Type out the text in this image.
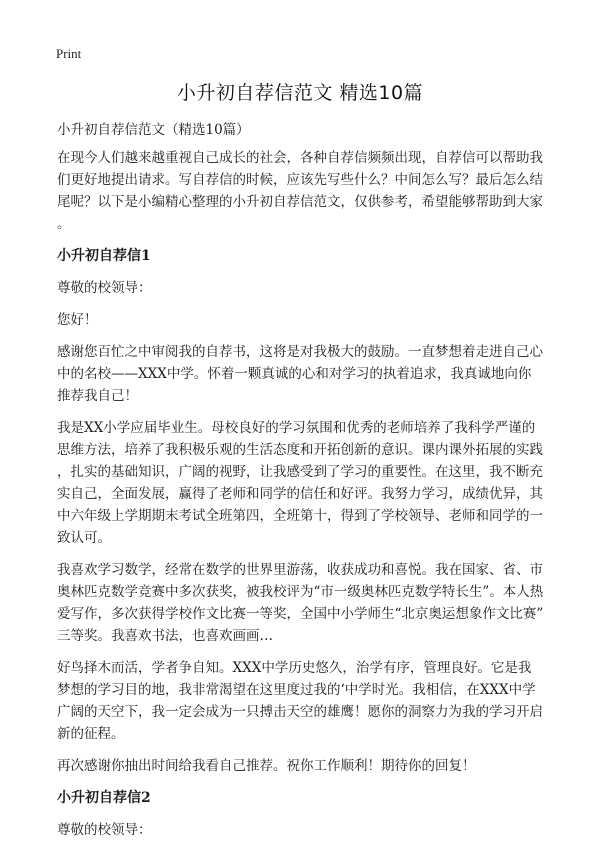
Print
小升初自荐信范文 精选10篇

小升初自荐信范文（精选10篇）

在现今人们越来越重视自己成长的社会，各种自荐信频频出现，自荐信可以帮助我
们更好地提出请求。写自荐信的时候，应该先写些什么？中间怎么写？最后怎么结
尾呢？以下是小编精心整理的小升初自荐信范文，仅供参考，希望能够帮助到大家
。

小升初自荐信1

尊敬的校领导：

您好！

感谢您百忙之中审阅我的自荐书，这将是对我极大的鼓励。一直梦想着走进自己心
中的名校——XXX中学。怀着一颗真诚的心和对学习的执着追求，我真诚地向你
推荐我自己！

我是XX小学应届毕业生。母校良好的学习氛围和优秀的老师培养了我科学严谨的
思维方法，培养了我积极乐观的生活态度和开拓创新的意识。课内课外拓展的实践
，扎实的基础知识，广阔的视野，让我感受到了学习的重要性。在这里，我不断充
实自己，全面发展，赢得了老师和同学的信任和好评。我努力学习，成绩优异，其
中六年级上学期期末考试全班第四，全班第十，得到了学校领导、老师和同学的一
致认可。

我喜欢学习数学，经常在数学的世界里游荡，收获成功和喜悦。我在国家、省、市
奥林匹克数学竞赛中多次获奖，被我校评为“市一级奥林匹克数学特长生”。本人热
爱写作，多次获得学校作文比赛一等奖，全国中小学师生“北京奥运想象作文比赛”
三等奖。我喜欢书法，也喜欢画画…

好鸟择木而活，学者争自知。XXX中学历史悠久，治学有序，管理良好。它是我
梦想的学习目的地，我非常渴望在这里度过我的‘中学时光。我相信，在XXX中学
广阔的天空下，我一定会成为一只搏击天空的雄鹰！愿你的洞察力为我的学习开启
新的征程。

再次感谢你抽出时间给我看自己推荐。祝你工作顺利！期待你的回复！

小升初自荐信2

尊敬的校领导：
